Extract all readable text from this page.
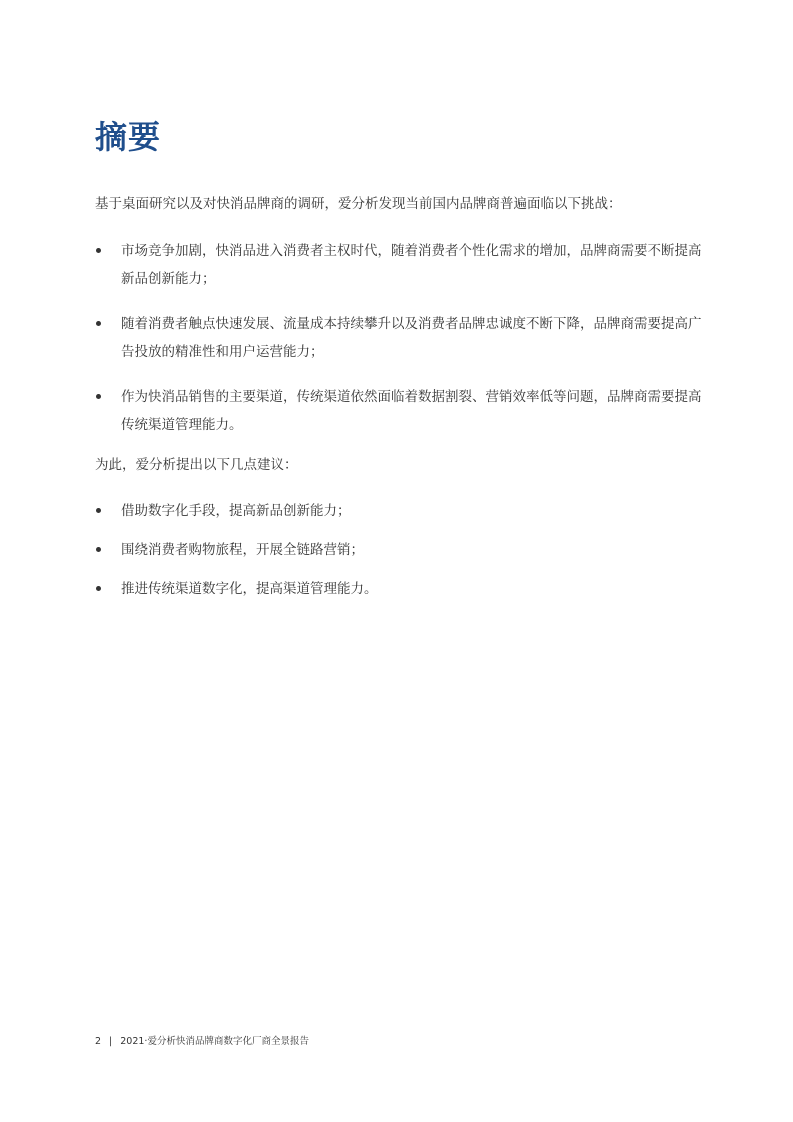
摘要

基于桌面研究以及对快消品牌商的调研，爱分析发现当前国内品牌商普遍面临以下挑战：

市场竞争加剧，快消品进入消费者主权时代，随着消费者个性化需求的增加，品牌商需要不断提高新品创新能力；
随着消费者触点快速发展、流量成本持续攀升以及消费者品牌忠诚度不断下降，品牌商需要提高广告投放的精准性和用户运营能力；
作为快消品销售的主要渠道，传统渠道依然面临着数据割裂、营销效率低等问题，品牌商需要提高传统渠道管理能力。

为此，爱分析提出以下几点建议：

借助数字化手段，提高新品创新能力；
围绕消费者购物旅程，开展全链路营销；
推进传统渠道数字化，提高渠道管理能力。
2 | 2021·爱分析快消品牌商数字化厂商全景报告
